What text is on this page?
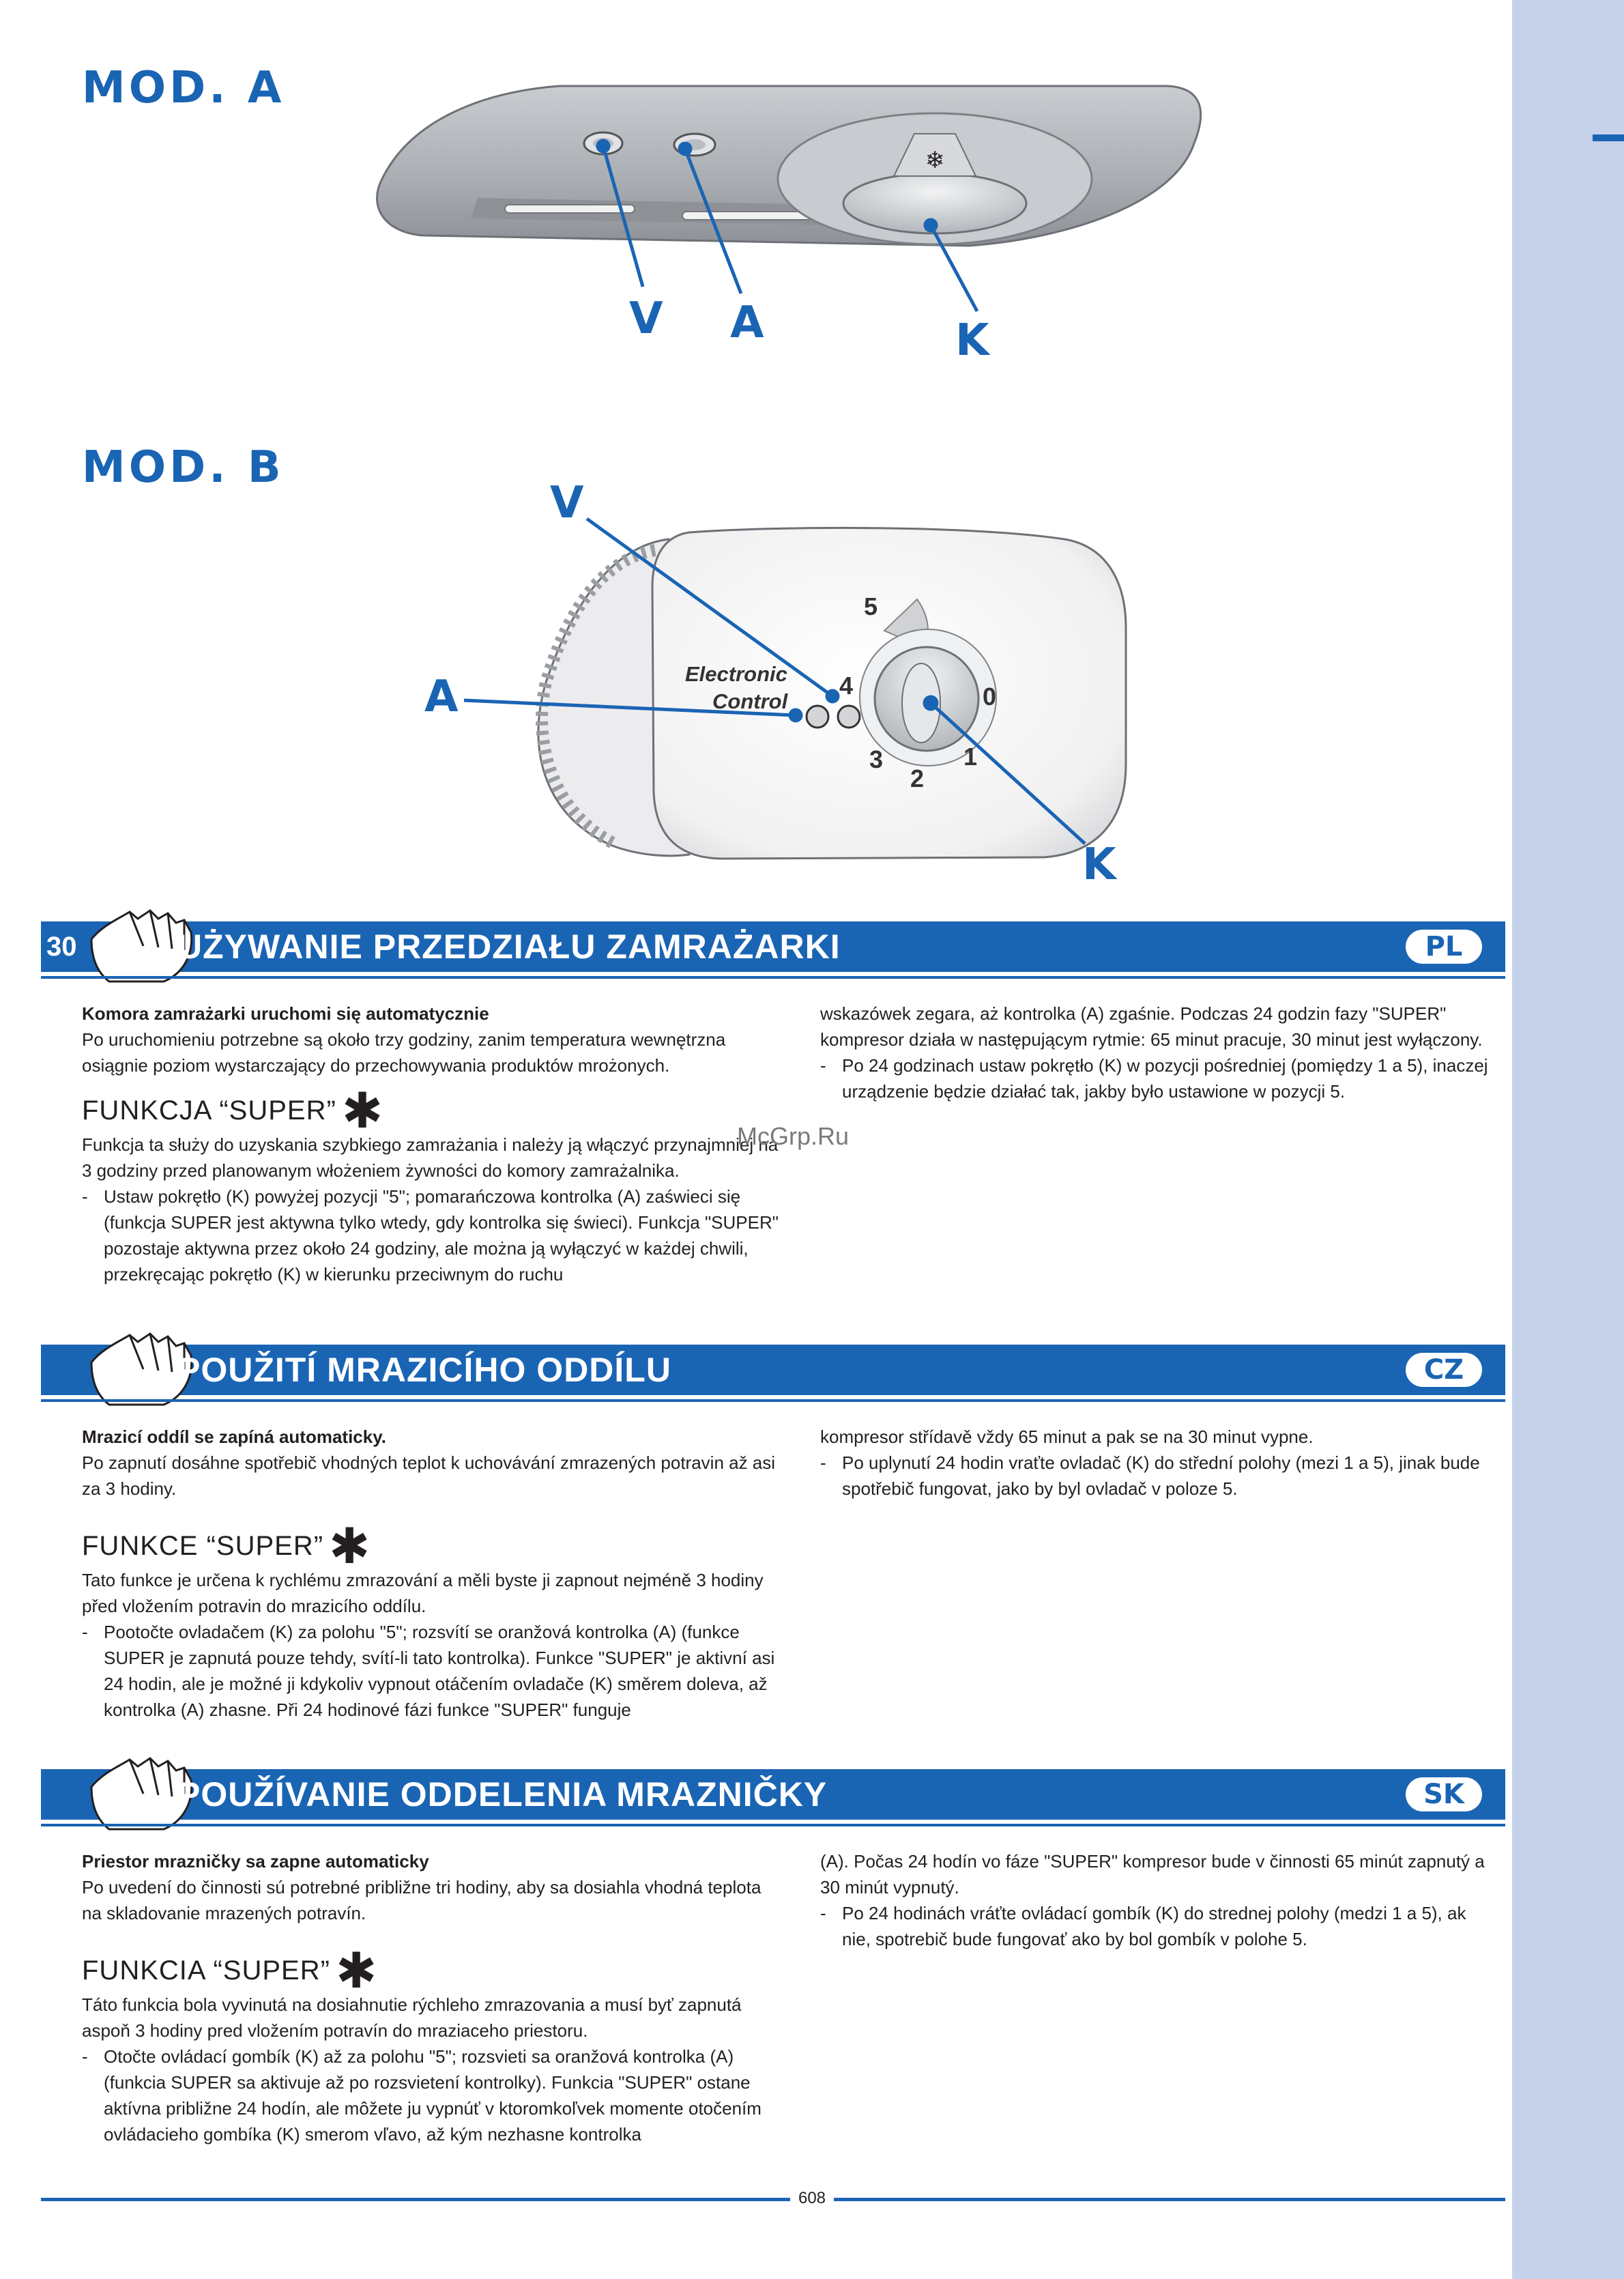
MOD. A
❄
V A	K
MOD. B
V
A
K
Electronic
Control
5
4
3
2
1
0
30	UŻYWANIE PRZEDZIAŁU ZAMRAŻARKI	PL

Komora zamrażarki uruchomi się automatycznie

Po uruchomieniu potrzebne są około trzy godziny, zanim temperatura wewnętrzna osiągnie poziom wystarczający do przechowywania produktów mrożonych.

FUNKCJA “SUPER” ✱

Funkcja ta służy do uzyskania szybkiego zamrażania i należy ją włączyć przynajmniej na 3 godziny przed planowanym włożeniem żywności do komory zamrażalnika.

- Ustaw pokrętło (K) powyżej pozycji "5"; pomarańczowa kontrolka (A) zaświeci się (funkcja SUPER jest aktywna tylko wtedy, gdy kontrolka się świeci). Funkcja "SUPER" pozostaje aktywna przez około 24 godziny, ale można ją wyłączyć w każdej chwili, przekręcając pokrętło (K) w kierunku przeciwnym do ruchu

wskazówek zegara, aż kontrolka (A) zgaśnie. Podczas 24 godzin fazy "SUPER" kompresor działa w następującym rytmie: 65 minut pracuje, 30 minut jest wyłączony.

- Po 24 godzinach ustaw pokrętło (K) w pozycji pośredniej (pomiędzy 1 a 5), inaczej urządzenie będzie działać tak, jakby było ustawione w pozycji 5.

McGrp.Ru
POUŽITÍ MRAZICÍHO ODDÍLU	CZ

Mrazicí oddíl se zapíná automaticky.

Po zapnutí dosáhne spotřebič vhodných teplot k uchovávání zmrazených potravin až asi za 3 hodiny.

FUNKCE “SUPER” ✱

Tato funkce je určena k rychlému zmrazování a měli byste ji zapnout nejméně 3 hodiny před vložením potravin do mrazicího oddílu.

- Pootočte ovladačem (K) za polohu "5"; rozsvítí se oranžová kontrolka (A) (funkce SUPER je zapnutá pouze tehdy, svítí-li tato kontrolka). Funkce "SUPER" je aktivní asi 24 hodin, ale je možné ji kdykoliv vypnout otáčením ovladače (K) směrem doleva, až kontrolka (A) zhasne. Při 24 hodinové fázi funkce "SUPER" funguje

kompresor střídavě vždy 65 minut a pak se na 30 minut vypne.

- Po uplynutí 24 hodin vraťte ovladač (K) do střední polohy (mezi 1 a 5), jinak bude spotřebič fungovat, jako by byl ovladač v poloze 5.

POUŽÍVANIE ODDELENIA MRAZNIČKY	SK

Priestor mrazničky sa zapne automaticky

Po uvedení do činnosti sú potrebné približne tri hodiny, aby sa dosiahla vhodná teplota na skladovanie mrazených potravín.

FUNKCIA “SUPER” ✱

Táto funkcia bola vyvinutá na dosiahnutie rýchleho zmrazovania a musí byť zapnutá aspoň 3 hodiny pred vložením potravín do mraziaceho priestoru.

- Otočte ovládací gombík (K) až za polohu "5"; rozsvieti sa oranžová kontrolka (A)(funkcia SUPER sa aktivuje až po rozsvietení kontrolky). Funkcia "SUPER" ostane aktívna približne 24 hodín, ale môžete ju vypnúť v ktoromkoľvek momente otočením ovládacieho gombíka (K) smerom vľavo, až kým nezhasne kontrolka

(A). Počas 24 hodín vo fáze "SUPER" kompresor bude v činnosti 65 minút zapnutý a 30 minút vypnutý.

- Po 24 hodinách vráťte ovládací gombík (K) do strednej polohy (medzi 1 a 5), ak nie, spotrebič bude fungovať ako by bol gombík v polohe 5.

608
